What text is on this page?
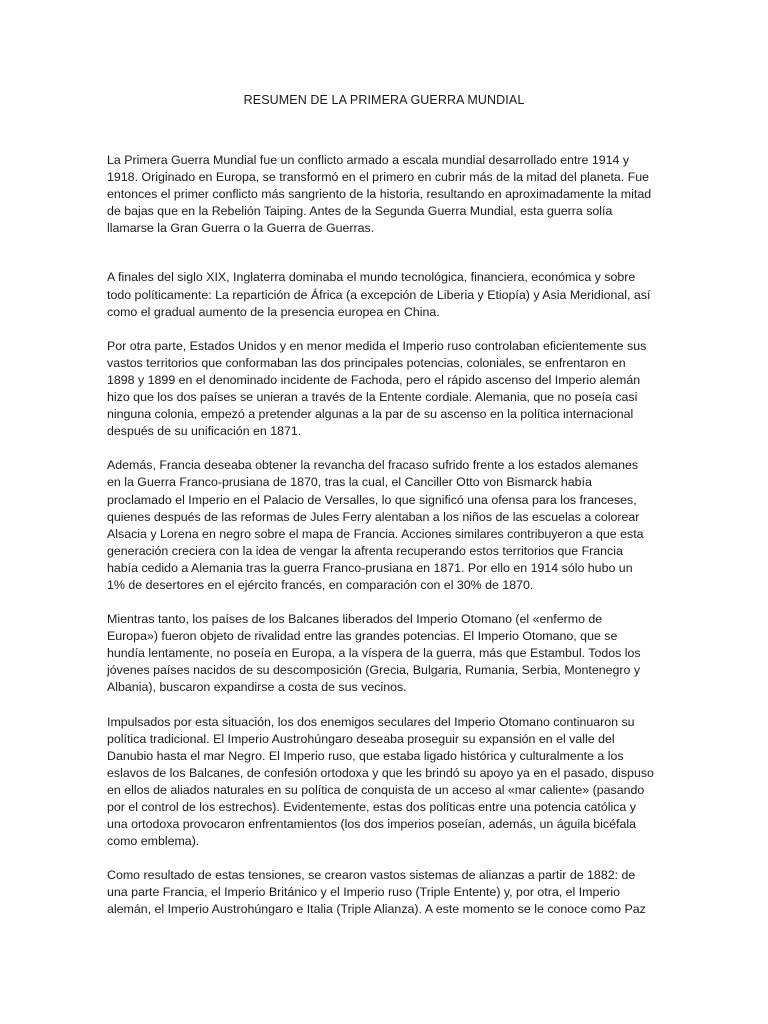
RESUMEN DE LA PRIMERA GUERRA MUNDIAL

La Primera Guerra Mundial fue un conflicto armado a escala mundial desarrollado entre 1914 y
1918. Originado en Europa, se transformó en el primero en cubrir más de la mitad del planeta. Fue
entonces el primer conflicto más sangriento de la historia, resultando en aproximadamente la mitad
de bajas que en la Rebelión Taiping. Antes de la Segunda Guerra Mundial, esta guerra solía
llamarse la Gran Guerra o la Guerra de Guerras.

A finales del siglo XIX, Inglaterra dominaba el mundo tecnológica, financiera, económica y sobre
todo políticamente: La repartición de África (a excepción de Liberia y Etiopía) y Asia Meridional, así
como el gradual aumento de la presencia europea en China.

Por otra parte, Estados Unidos y en menor medida el Imperio ruso controlaban eficientemente sus
vastos territorios que conformaban las dos principales potencias, coloniales, se enfrentaron en
1898 y 1899 en el denominado incidente de Fachoda, pero el rápido ascenso del Imperio alemán
hizo que los dos países se unieran a través de la Entente cordiale. Alemania, que no poseía casi
ninguna colonia, empezó a pretender algunas a la par de su ascenso en la política internacional
después de su unificación en 1871.

Además, Francia deseaba obtener la revancha del fracaso sufrido frente a los estados alemanes
en la Guerra Franco-prusiana de 1870, tras la cual, el Canciller Otto von Bismarck había
proclamado el Imperio en el Palacio de Versalles, lo que significó una ofensa para los franceses,
quienes después de las reformas de Jules Ferry alentaban a los niños de las escuelas a colorear
Alsacia y Lorena en negro sobre el mapa de Francia. Acciones similares contribuyeron a que esta
generación creciera con la idea de vengar la afrenta recuperando estos territorios que Francia
había cedido a Alemania tras la guerra Franco-prusiana en 1871. Por ello en 1914 sólo hubo un
1% de desertores en el ejército francés, en comparación con el 30% de 1870.

Mientras tanto, los países de los Balcanes liberados del Imperio Otomano (el «enfermo de
Europa») fueron objeto de rivalidad entre las grandes potencias. El Imperio Otomano, que se
hundía lentamente, no poseía en Europa, a la víspera de la guerra, más que Estambul. Todos los
jóvenes países nacidos de su descomposición (Grecia, Bulgaria, Rumania, Serbia, Montenegro y
Albania), buscaron expandirse a costa de sus vecinos.

Impulsados por esta situación, los dos enemigos seculares del Imperio Otomano continuaron su
política tradicional. El Imperio Austrohúngaro deseaba proseguir su expansión en el valle del
Danubio hasta el mar Negro. El Imperio ruso, que estaba ligado histórica y culturalmente a los
eslavos de los Balcanes, de confesión ortodoxa y que les brindó su apoyo ya en el pasado, dispuso
en ellos de aliados naturales en su política de conquista de un acceso al «mar caliente» (pasando
por el control de los estrechos). Evidentemente, estas dos políticas entre una potencia católica y
una ortodoxa provocaron enfrentamientos (los dos imperios poseían, además, un águila bicéfala
como emblema).

Como resultado de estas tensiones, se crearon vastos sistemas de alianzas a partir de 1882: de
una parte Francia, el Imperio Británico y el Imperio ruso (Triple Entente) y, por otra, el Imperio
alemán, el Imperio Austrohúngaro e Italia (Triple Alianza). A este momento se le conoce como Paz
